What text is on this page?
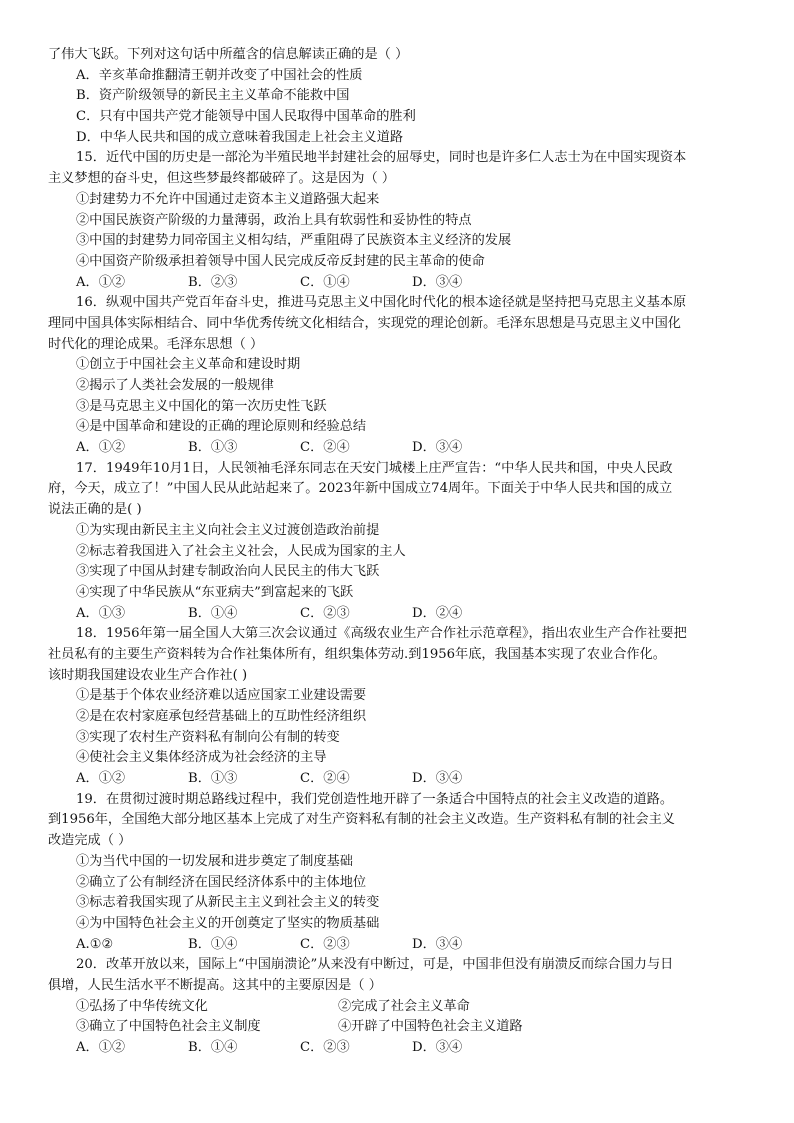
了伟大飞跃。下列对这句话中所蕴含的信息解读正确的是（ ）
A．辛亥革命推翻清王朝并改变了中国社会的性质
B．资产阶级领导的新民主主义革命不能救中国
C．只有中国共产党才能领导中国人民取得中国革命的胜利
D．中华人民共和国的成立意味着我国走上社会主义道路
15．近代中国的历史是一部沦为半殖民地半封建社会的屈辱史，同时也是许多仁人志士为在中国实现资本
主义梦想的奋斗史，但这些梦最终都破碎了。这是因为（ ）
①封建势力不允许中国通过走资本主义道路强大起来
②中国民族资产阶级的力量薄弱，政治上具有软弱性和妥协性的特点
③中国的封建势力同帝国主义相勾结，严重阻碍了民族资本主义经济的发展
④中国资产阶级承担着领导中国人民完成反帝反封建的民主革命的使命
A．①②	B．②③	C．①④	D．③④
16．纵观中国共产党百年奋斗史，推进马克思主义中国化时代化的根本途径就是坚持把马克思主义基本原
理同中国具体实际相结合、同中华优秀传统文化相结合，实现党的理论创新。毛泽东思想是马克思主义中国化
时代化的理论成果。毛泽东思想（ ）
①创立于中国社会主义革命和建设时期
②揭示了人类社会发展的一般规律
③是马克思主义中国化的第一次历史性飞跃
④是中国革命和建设的正确的理论原则和经验总结
A．①②	B．①③	C．②④	D．③④
17．1949年10月1日，人民领袖毛泽东同志在天安门城楼上庄严宣告：“中华人民共和国，中央人民政
府，今天，成立了！”中国人民从此站起来了。2023年新中国成立74周年。下面关于中华人民共和国的成立
说法正确的是( )
①为实现由新民主主义向社会主义过渡创造政治前提
②标志着我国进入了社会主义社会，人民成为国家的主人
③实现了中国从封建专制政治向人民民主的伟大飞跃
④实现了中华民族从“东亚病夫”到富起来的飞跃
A．①③	B．①④	C．②③	D．②④
18．1956年第一届全国人大第三次会议通过《高级农业生产合作社示范章程》，指出农业生产合作社要把
社员私有的主要生产资料转为合作社集体所有，组织集体劳动.到1956年底，我国基本实现了农业合作化。
该时期我国建设农业生产合作社( )
①是基于个体农业经济难以适应国家工业建设需要
②是在农村家庭承包经营基础上的互助性经济组织
③实现了农村生产资料私有制向公有制的转变
④使社会主义集体经济成为社会经济的主导
A．①②	B．①③	C．②④	D．③④
19．在贯彻过渡时期总路线过程中，我们党创造性地开辟了一条适合中国特点的社会主义改造的道路。
到1956年，全国绝大部分地区基本上完成了对生产资料私有制的社会主义改造。生产资料私有制的社会主义
改造完成（ ）
①为当代中国的一切发展和进步奠定了制度基础
②确立了公有制经济在国民经济体系中的主体地位
③标志着我国实现了从新民主主义到社会主义的转变
④为中国特色社会主义的开创奠定了坚实的物质基础
A.①②	B．①④	C．②③	D．③④
20．改革开放以来，国际上“中国崩溃论”从来没有中断过，可是，中国非但没有崩溃反而综合国力与日
俱增，人民生活水平不断提高。这其中的主要原因是（ ）
①弘扬了中华传统文化	②完成了社会主义革命
③确立了中国特色社会主义制度	④开辟了中国特色社会主义道路
A．①②	B．①④	C．②③	D．③④
